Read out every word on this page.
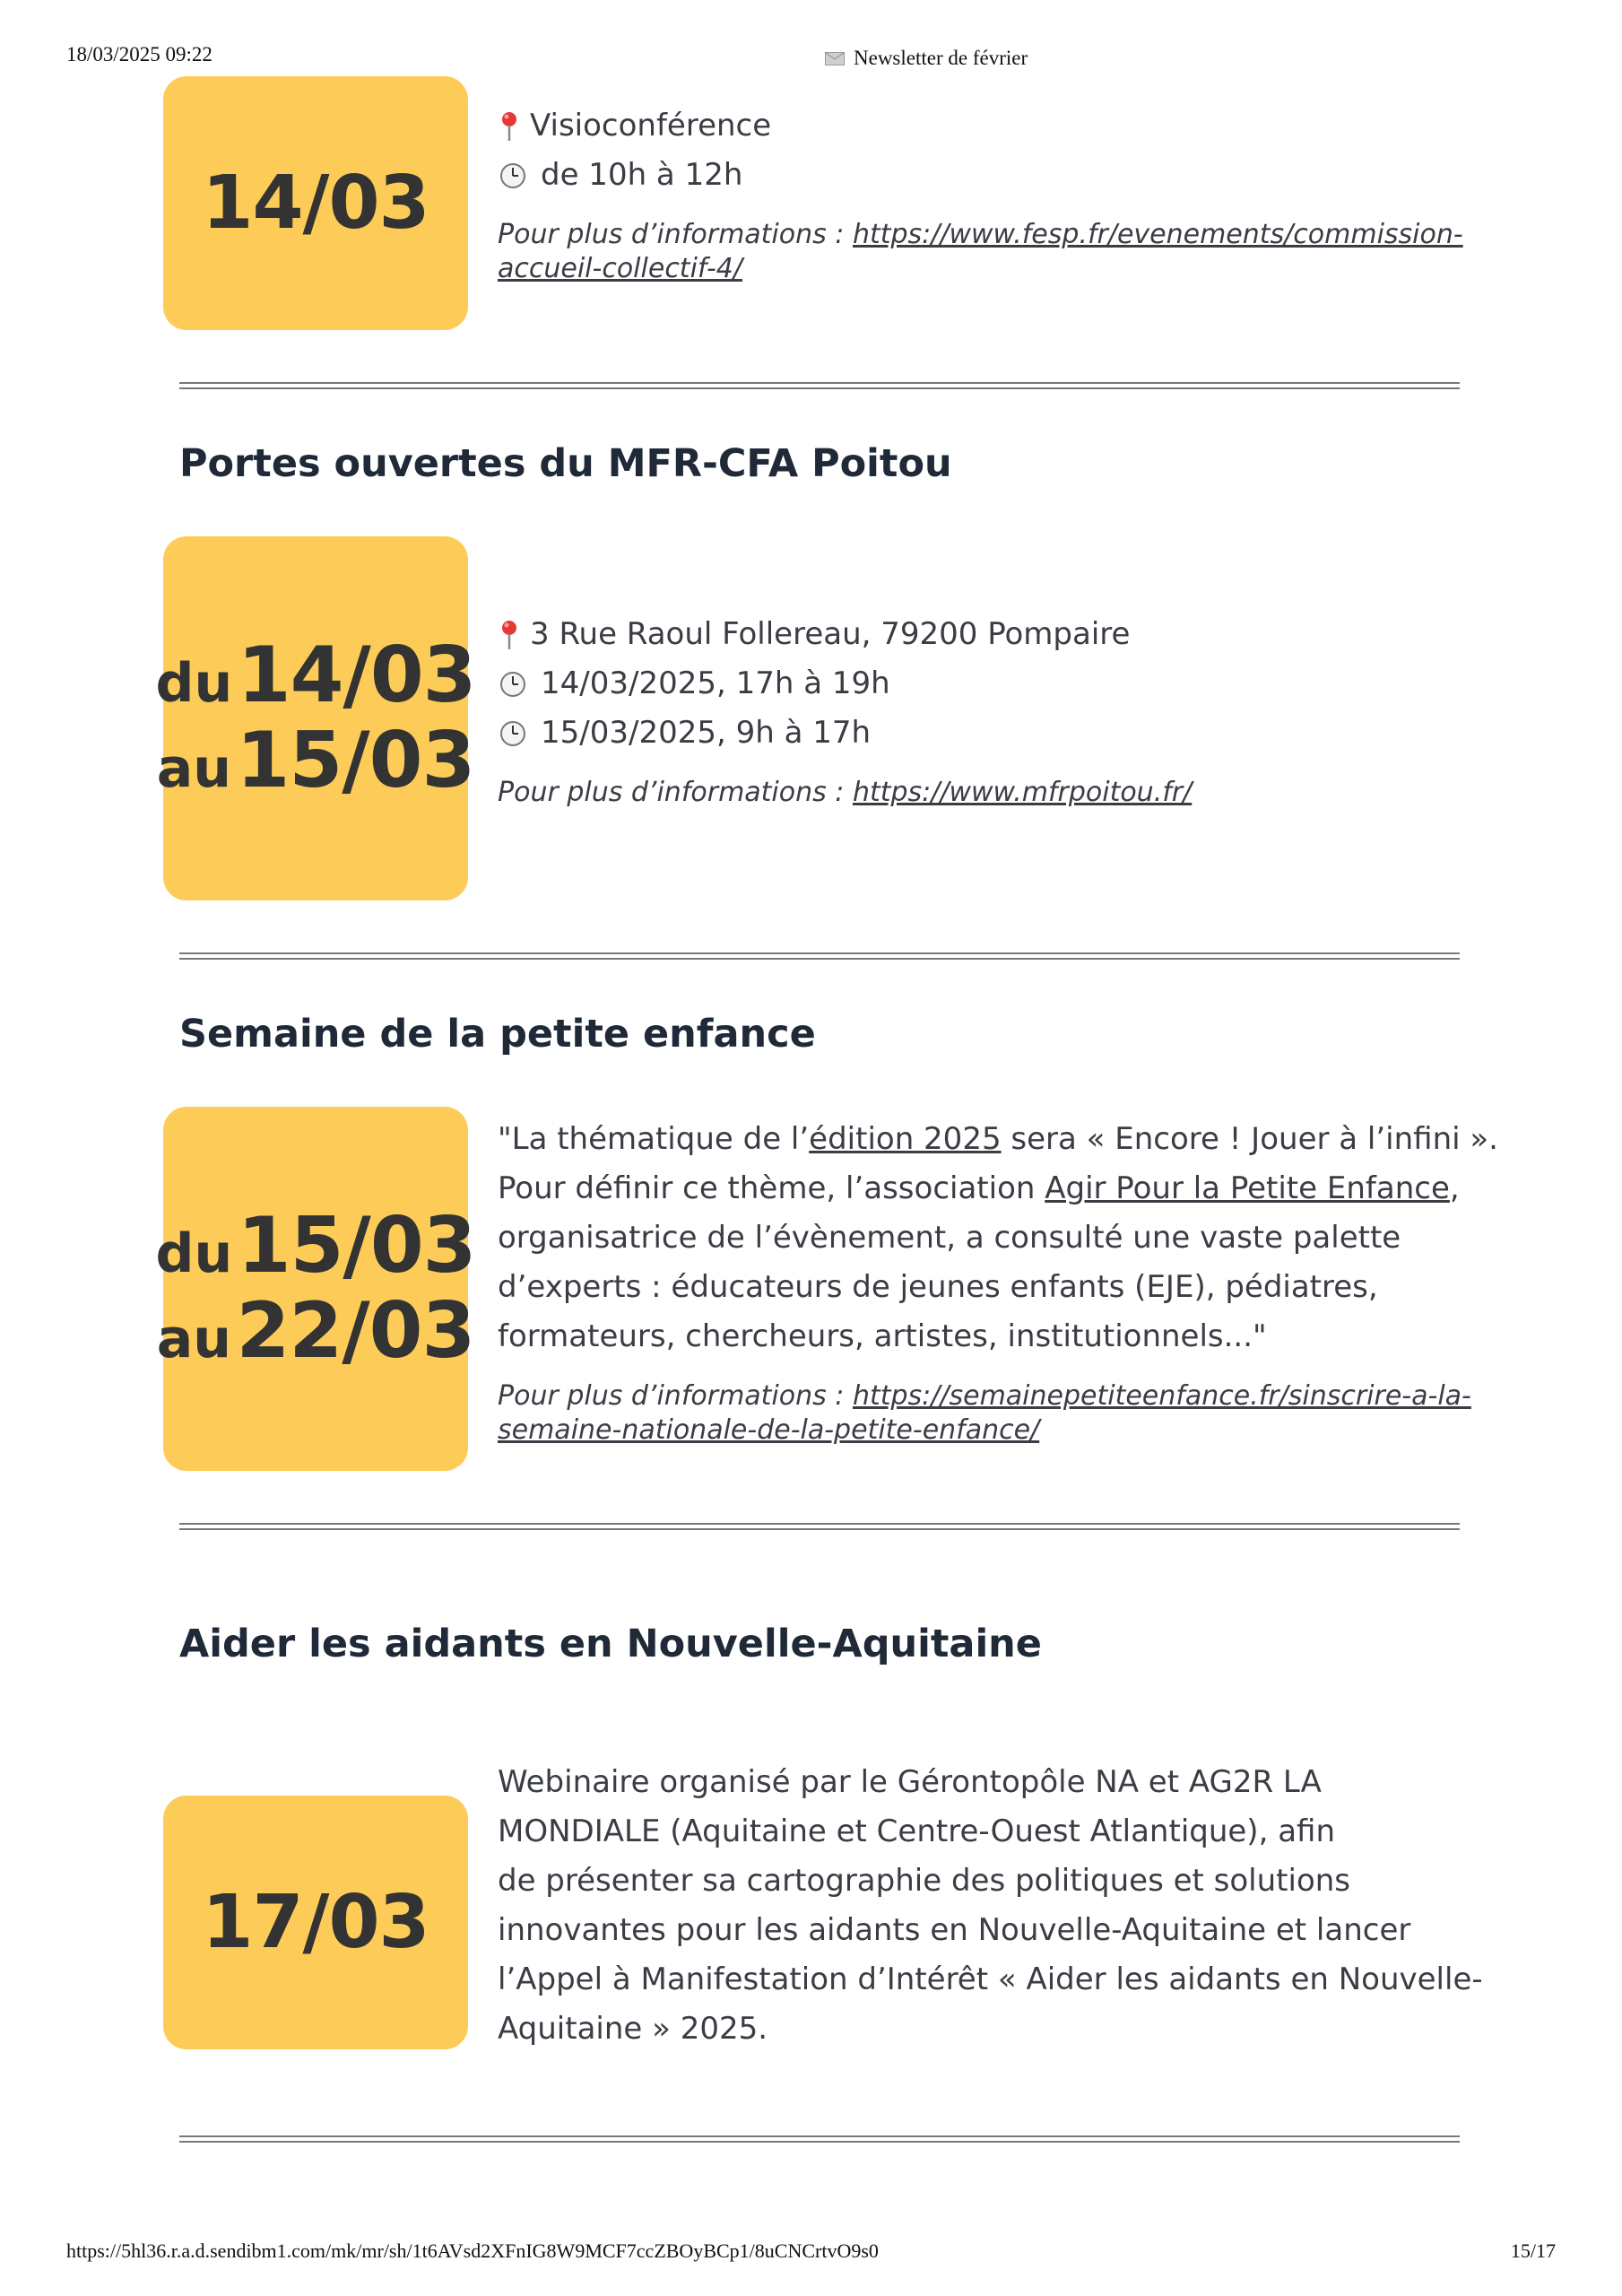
18/03/2025 09:22	Newsletter de février
14/03
Visioconférence
de 10h à 12h
Pour plus d’informations : https://www.fesp.fr/evenements/commission-
accueil-collectif-4/
Portes ouvertes du MFR-CFA Poitou
du 14/03
au 15/03
3 Rue Raoul Follereau, 79200 Pompaire
14/03/2025, 17h à 19h
15/03/2025, 9h à 17h
Pour plus d’informations : https://www.mfrpoitou.fr/
Semaine de la petite enfance
du 15/03
au 22/03
"La thématique de l’édition 2025 sera « Encore ! Jouer à l’infini ».
Pour définir ce thème, l’association Agir Pour la Petite Enfance,
organisatrice de l’évènement, a consulté une vaste palette
d’experts : éducateurs de jeunes enfants (EJE), pédiatres,
formateurs, chercheurs, artistes, institutionnels..."
Pour plus d’informations : https://semainepetiteenfance.fr/sinscrire-a-la-
semaine-nationale-de-la-petite-enfance/
Aider les aidants en Nouvelle-Aquitaine
17/03
Webinaire organisé par le Gérontopôle NA et AG2R LA
MONDIALE (Aquitaine et Centre-Ouest Atlantique), afin
de présenter sa cartographie des politiques et solutions
innovantes pour les aidants en Nouvelle-Aquitaine et lancer
l’Appel à Manifestation d’Intérêt « Aider les aidants en Nouvelle-
Aquitaine » 2025.
https://5hl36.r.a.d.sendibm1.com/mk/mr/sh/1t6AVsd2XFnIG8W9MCF7ccZBOyBCp1/8uCNCrtvO9s0	15/17
